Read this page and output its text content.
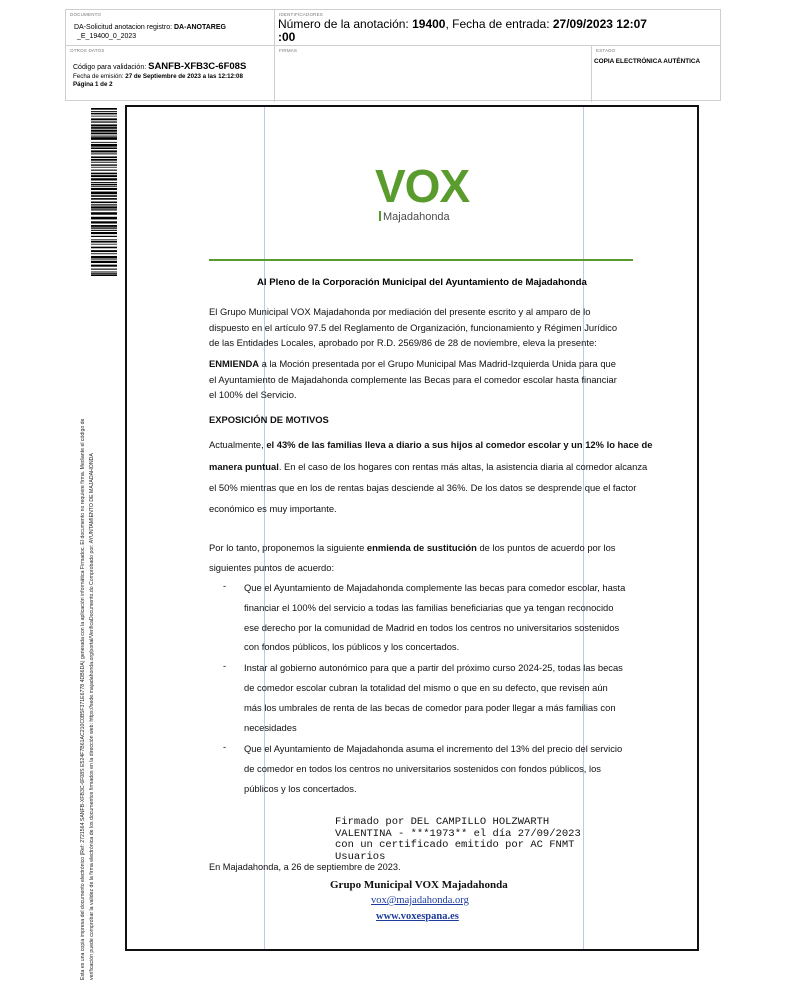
DOCUMENTO
DA-Solicitud anotacion registro: DA-ANOTAREG
_E_19400_0_2023
IDENTIFICADORES
Número de la anotación: 19400, Fecha de entrada: 27/09/2023 12:07
:00
OTROS DATOS
Código para validación: SANFB-XFB3C-6F08S
Fecha de emisión: 27 de Septiembre de 2023 a las 12:12:08
Página 1 de 2
FIRMAS	ESTADO
COPIA ELECTRÓNICA AUTÉNTICA
Esta es una copia impresa del documento electrónico (Ref: 2721564 SANFB-XFB3C-6F08S E524F7B61AC210C0B5F371E6778 4DB6DA) generada con la aplicación informática Firmadoc. El documento no requiere firma. Mediante el código de verificación puede comprobar la validez de la firma electrónica de los documentos firmados en la dirección web: https://sede.majadahonda.org/portal/VerificaDocumento.do Comprobado por: AYUNTAMIENTO DE MAJADAHONDA
VOX
Majadahonda
Al Pleno de la Corporación Municipal del Ayuntamiento de Majadahonda
El Grupo Municipal VOX Majadahonda por mediación del presente escrito y al amparo de lo
dispuesto en el artículo 97.5 del Reglamento de Organización, funcionamiento y Régimen Jurídico
de las Entidades Locales, aprobado por R.D. 2569/86 de 28 de noviembre, eleva la presente:
ENMIENDA a la Moción presentada por el Grupo Municipal Mas Madrid-Izquierda Unida para que
el Ayuntamiento de Majadahonda complemente las Becas para el comedor escolar hasta financiar
el 100% del Servicio.
EXPOSICIÓN DE MOTIVOS
Actualmente, el 43% de las familias lleva a diario a sus hijos al comedor escolar y un 12% lo hace de
manera puntual. En el caso de los hogares con rentas más altas, la asistencia diaria al comedor alcanza
el 50% mientras que en los de rentas bajas desciende al 36%. De los datos se desprende que el factor
económico es muy importante.
Por lo tanto, proponemos la siguiente enmienda de sustitución de los puntos de acuerdo por los
siguientes puntos de acuerdo:
- Que el Ayuntamiento de Majadahonda complemente las becas para comedor escolar, hasta
financiar el 100% del servicio a todas las familias beneficiarias que ya tengan reconocido
ese derecho por la comunidad de Madrid en todos los centros no universitarios sostenidos
con fondos públicos, los públicos y los concertados.
- Instar al gobierno autonómico para que a partir del próximo curso 2024-25, todas las becas
de comedor escolar cubran la totalidad del mismo o que en su defecto, que revisen aún
más los umbrales de renta de las becas de comedor para poder llegar a más familias con
necesidades
- Que el Ayuntamiento de Majadahonda asuma el incremento del 13% del precio del servicio
de comedor en todos los centros no universitarios sostenidos con fondos públicos, los
públicos y los concertados.
Firmado por DEL CAMPILLO HOLZWARTH
VALENTINA - ***1973** el día 27/09/2023
con un certificado emitido por AC FNMT
Usuarios
En Majadahonda, a 26 de septiembre de 2023.
Grupo Municipal VOX Majadahonda
vox@majadahonda.org
www.voxespana.es
